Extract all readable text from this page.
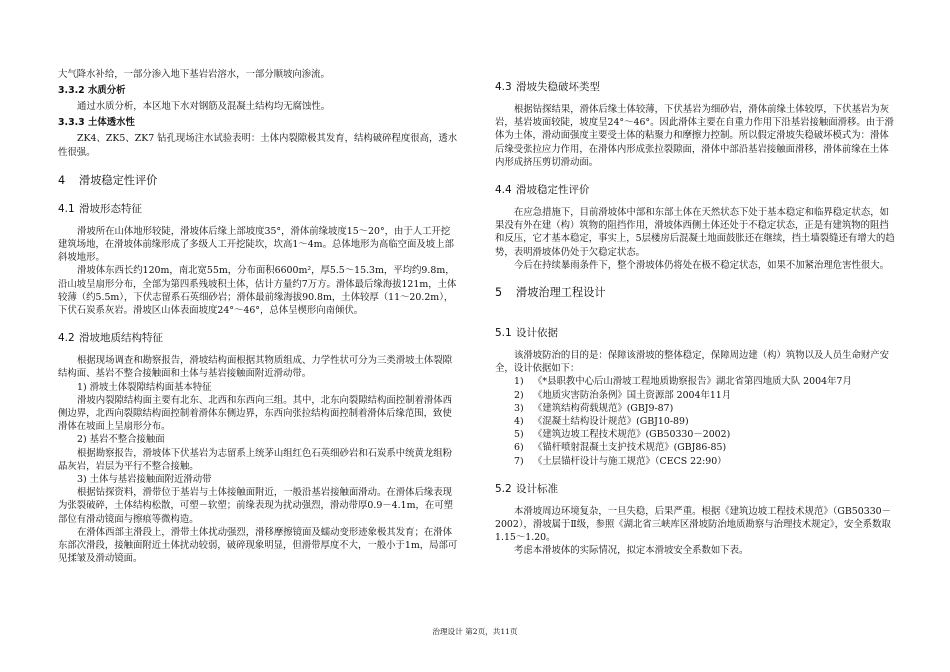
大气降水补给，一部分渗入地下基岩岩溶水，一部分顺坡向渗流。

3.3.2 水质分析

通过水质分析，本区地下水对钢筋及混凝土结构均无腐蚀性。

3.3.3 土体透水性

ZK4、ZK5、ZK7 钻孔现场注水试验表明：土体内裂隙极其发育，结构破碎程度很高，透水性很强。

4 滑坡稳定性评价
4.1 滑坡形态特征

滑坡所在山体地形较陡，滑坡体后缘上部坡度35°，滑体前缘坡度15～20°，由于人工开挖建筑场地，在滑坡体前缘形成了多级人工开挖陡坎，坎高1～4m。总体地形为高临空面及坡上部斜坡地形。

滑坡体东西长约120m，南北宽55m，分布面积6600m²，厚5.5～15.3m，平均约9.8m，沿山坡呈扇形分布，全部为第四系残坡积土体，估计方量约7万方。滑体最后缘海拔121m，土体较薄（约5.5m），下伏志留系石英细砂岩；滑体最前缘海拔90.8m，土体较厚（11～20.2m），下伏石炭系灰岩。滑坡区山体表面坡度24°～46°，总体呈楔形向南倾伏。

4.2 滑坡地质结构特征

根据现场调查和勘察报告，滑坡结构面根据其物质组成、力学性状可分为三类滑坡土体裂隙结构面、基岩不整合接触面和土体与基岩接触面附近滑动带。

1) 滑坡土体裂隙结构面基本特征

滑坡内裂隙结构面主要有北东、北西和东西向三组。其中，北东向裂隙结构面控制着滑体西侧边界，北西向裂隙结构面控制着滑体东侧边界，东西向张拉结构面控制着滑体后缘范围，致使滑体在坡面上呈扇形分布。

2) 基岩不整合接触面

根据勘察报告，滑坡体下伏基岩为志留系上统茅山组红色石英细砂岩和石炭系中统黄龙组粉晶灰岩，岩层为平行不整合接触。

3) 土体与基岩接触面附近滑动带

根据钻探资料，滑带位于基岩与土体接触面附近，一般沿基岩接触面滑动。在滑体后缘表现为张裂破碎，土体结构松散，可塑－软塑；前缘表现为扰动强烈，滑动带厚0.9－4.1m，在可塑部位有滑动镜面与擦痕等微构造。

在滑体西部主滑段上，滑带土体扰动强烈，滑移摩擦镜面及蠕动变形迹象极其发育；在滑体东部次滑段，接触面附近土体扰动较弱，破碎现象明显，但滑带厚度不大，一般小于1m，局部可见揉皱及滑动镜面。

4.3 滑坡失稳破坏类型

根据钻探结果，滑体后缘土体较薄，下伏基岩为细砂岩，滑体前缘土体较厚，下伏基岩为灰岩，基岩坡面较陡，坡度呈24°～46°。因此滑体主要在自重力作用下沿基岩接触面滑移。由于滑体为土体，滑动面强度主要受土体的粘聚力和摩擦力控制。所以假定滑坡失稳破坏模式为：滑体后缘受张拉应力作用，在滑体内形成张拉裂隙面，滑体中部沿基岩接触面滑移，滑体前缘在土体内形成挤压剪切滑动面。

4.4 滑坡稳定性评价

在应急措施下，目前滑坡体中部和东部土体在天然状态下处于基本稳定和临界稳定状态，如果没有外在建（构）筑物的阻挡作用，滑坡体西侧土体还处于不稳定状态，正是有建筑物的阻挡和反压，它才基本稳定，事实上，5层楼房后混凝土地面鼓胀还在继续，挡土墙裂缝还有增大的趋势，表明滑坡体仍处于欠稳定状态。

今后在持续暴雨条件下，整个滑坡体仍将处在极不稳定状态，如果不加紧治理危害性很大。

5 滑坡治理工程设计
5.1 设计依据

该滑坡防治的目的是：保障该滑坡的整体稳定，保障周边建（构）筑物以及人员生命财产安全，设计依据如下：

1) 《*县职教中心后山滑坡工程地质勘察报告》湖北省第四地质大队 2004年7月

2) 《地质灾害防治条例》国土资源部 2004年11月

3) 《建筑结构荷载规范》(GBJ9-87)

4) 《混凝土结构设计规范》(GBJ10-89)

5) 《建筑边坡工程技术规范》(GB50330－2002)

6) 《锚杆喷射混凝土支护技术规范》(GBJ86-85)

7) 《土层锚杆设计与施工规范》（CECS 22:90）

5.2 设计标准

本滑坡周边环境复杂，一旦失稳，后果严重。根据《建筑边坡工程技术规范》（GB50330－2002），滑坡属于Ⅱ级，参照《湖北省三峡库区滑坡防治地质勘察与治理技术规定》，安全系数取1.15～1.20。

考虑本滑坡体的实际情况，拟定本滑坡安全系数如下表。

治理设计 第2页，共11页
